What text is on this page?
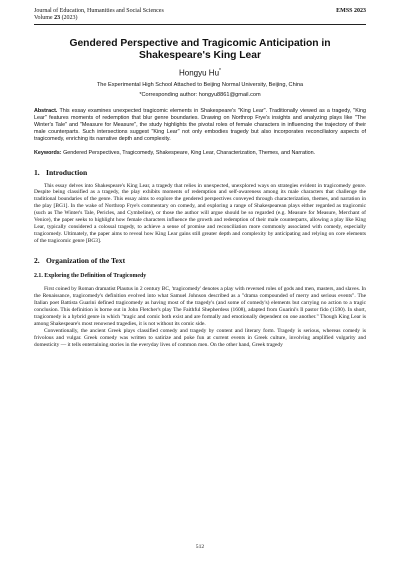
Journal of Education, Humanities and Social Sciences	EMSS 2023
Volume 23 (2023)
Gendered Perspective and Tragicomic Anticipation in
Shakespeare's King Lear
Hongyu Hu*
The Experimental High School Attached to Beijing Normal University, Beijing, China
*Corresponding author: hongyu8861@gmail.com
Abstract. This essay examines unexpected tragicomic elements in Shakespeare's "King Lear". Traditionally viewed as a tragedy, "King Lear" features moments of redemption that blur genre boundaries. Drawing on Northrop Frye's insights and analyzing plays like "The Winter's Tale" and "Measure for Measure", the study highlights the pivotal roles of female characters in influencing the trajectory of their male counterparts. Such intersections suggest "King Lear" not only embodies tragedy but also incorporates reconciliatory aspects of tragicomedy, enriching its narrative depth and complexity.
Keywords: Gendered Perspectives, Tragicomedy, Shakespeare, King Lear, Characterization, Themes, and Narration.
1. Introduction

This essay delves into Shakespeare's King Lear, a tragedy that relies in unexpected, unexplored ways on strategies evident in tragicomedy genre. Despite being classified as a tragedy, the play exhibits moments of redemption and self-awareness among its male characters that challenge the traditional boundaries of the genre. This essay aims to explore the gendered perspectives conveyed through characterization, themes, and narration in the play [BG1]. In the wake of Northrop Frye's commentary on comedy, and exploring a range of Shakespearean plays either regarded as tragicomic (such as The Winter's Tale, Pericles, and Cymbeline), or those the author will argue should be so regarded (e.g. Measure for Measure, Merchant of Venice), the paper seeks to highlight how female characters influence the growth and redemption of their male counterparts, allowing a play like King Lear, typically considered a colossal tragedy, to achieve a sense of promise and reconciliation more commonly associated with comedy, especially tragicomedy. Ultimately, the paper aims to reveal how King Lear gains still greater depth and complexity by anticipating and relying on core elements of the tragicomic genre [BG3].

2. Organization of the Text
2.1. Exploring the Definition of Tragicomedy

First coined by Roman dramatist Plautus in 2 century BC, 'tragicomedy' denotes a play with reversed roles of gods and men, masters, and slaves. In the Renaissance, tragicomedy's definition evolved into what Samuel Johnson described as a "drama compounded of merry and serious events". The Italian poet Battista Guarini defined tragicomedy as having most of the tragedy's (and some of comedy's) elements but carrying no action to a tragic conclusion. This definition is borne out in John Fletcher's play The Faithful Shepherdess (1608), adapted from Guarini's Il pastor fido (1590). In short, tragicomedy is a hybrid genre in which "tragic and comic both exist and are formally and emotionally dependent on one another." Though King Lear is among Shakespeare's most renowned tragedies, it is not without its comic side.

Conventionally, the ancient Greek plays classified comedy and tragedy by content and literary form. Tragedy is serious, whereas comedy is frivolous and vulgar. Greek comedy was written to satirize and poke fun at current events in Greek culture, involving amplified vulgarity and domesticity — it tells entertaining stories in the everyday lives of common men. On the other hand, Greek tragedy

512
